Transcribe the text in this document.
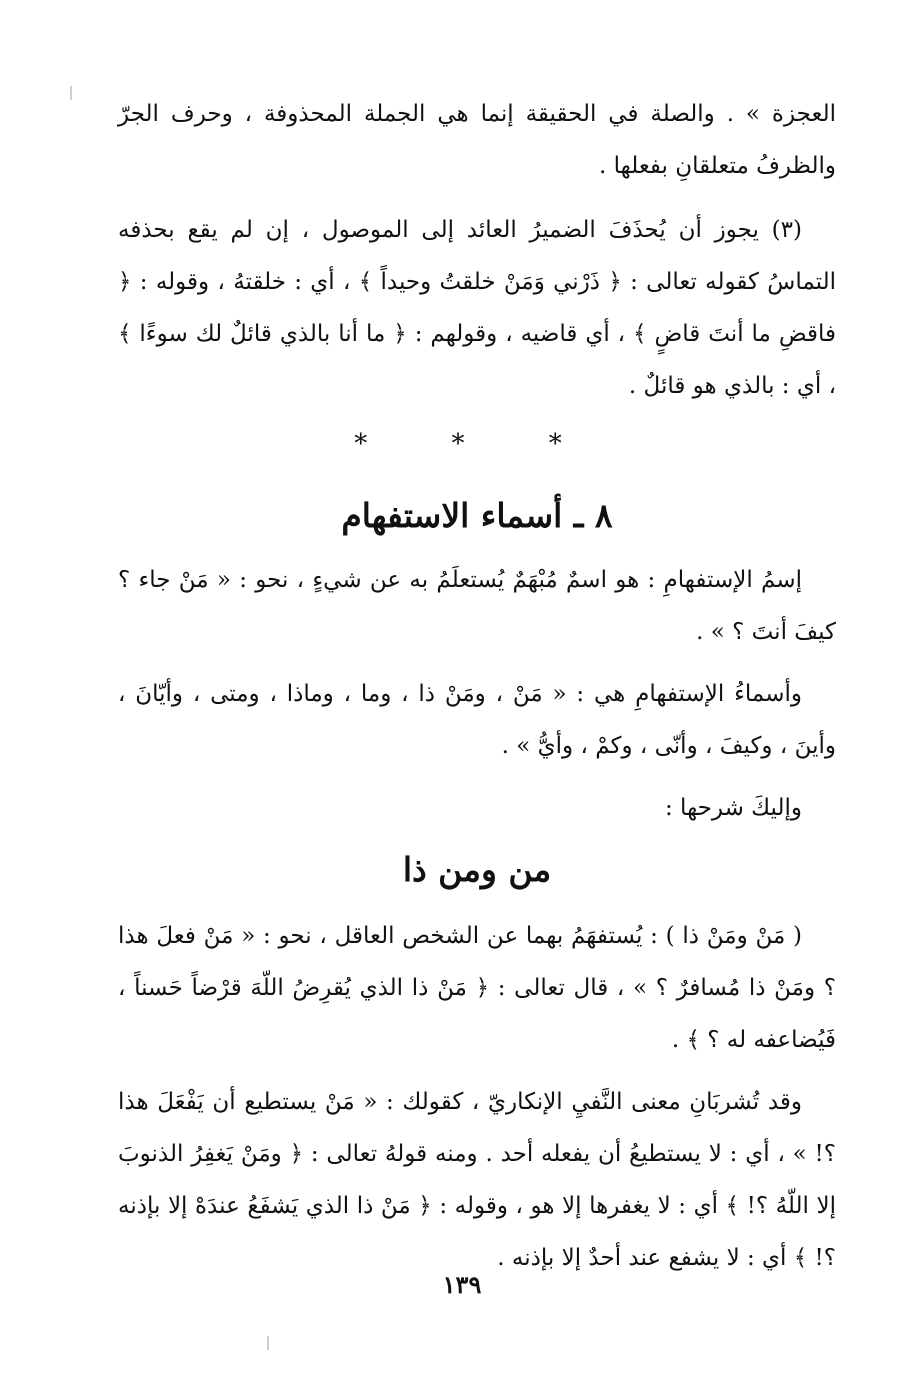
العجزة » . والصلة في الحقيقة إنما هي الجملة المحذوفة ، وحرف الجرّ والظرفُ متعلقانِ بفعلها .

(٣) يجوز أن يُحذَفَ الضميرُ العائد إلى الموصول ، إن لم يقع بحذفه التماسُ كقوله تعالى : ﴿ ذَرْني وَمَنْ خلقتُ وحيداً ﴾ ، أي : خلقتهُ ، وقوله : ﴿ فاقضِ ما أنتَ قاضٍ ﴾ ، أي قاضيه ، وقولهم : ﴿ ما أنا بالذي قائلٌ لك سوءًا ﴾ ، أي : بالذي هو قائلٌ .

* * *
٨ ـ أسماء الاستفهام

إسمُ الإستفهامِ : هو اسمٌ مُبْهَمٌ يُستعلَمُ به عن شيءٍ ، نحو : « مَنْ جاء ؟ كيفَ أنتَ ؟ » .

وأسماءُ الإستفهامِ هي : « مَنْ ، ومَنْ ذا ، وما ، وماذا ، ومتى ، وأيّانَ ، وأينَ ، وكيفَ ، وأنّى ، وكمْ ، وأيُّ » .

وإليكَ شرحها :

من ومن ذا

( مَنْ ومَنْ ذا ) : يُستفهَمُ بهما عن الشخص العاقل ، نحو : « مَنْ فعلَ هذا ؟ ومَنْ ذا مُسافرٌ ؟ » ، قال تعالى : ﴿ مَنْ ذا الذي يُقرِضُ اللّهَ قرْضاً حَسناً ، فَيُضاعفه له ؟ ﴾ .

وقد تُشربَانِ معنى النَّفيِ الإنكاريّ ، كقولك : « مَنْ يستطيع أن يَفْعَلَ هذا ؟! » ، أي : لا يستطيعُ أن يفعله أحد . ومنه قولهُ تعالى : ﴿ ومَنْ يَغفِرُ الذنوبَ إلا اللّهُ ؟! ﴾ أي : لا يغفرها إلا هو ، وقوله : ﴿ مَنْ ذا الذي يَشفَعُ عندَهْ إلا بإذنه ؟! ﴾ أي : لا يشفع عند أحدٌ إلا بإذنه .

١٣٩
